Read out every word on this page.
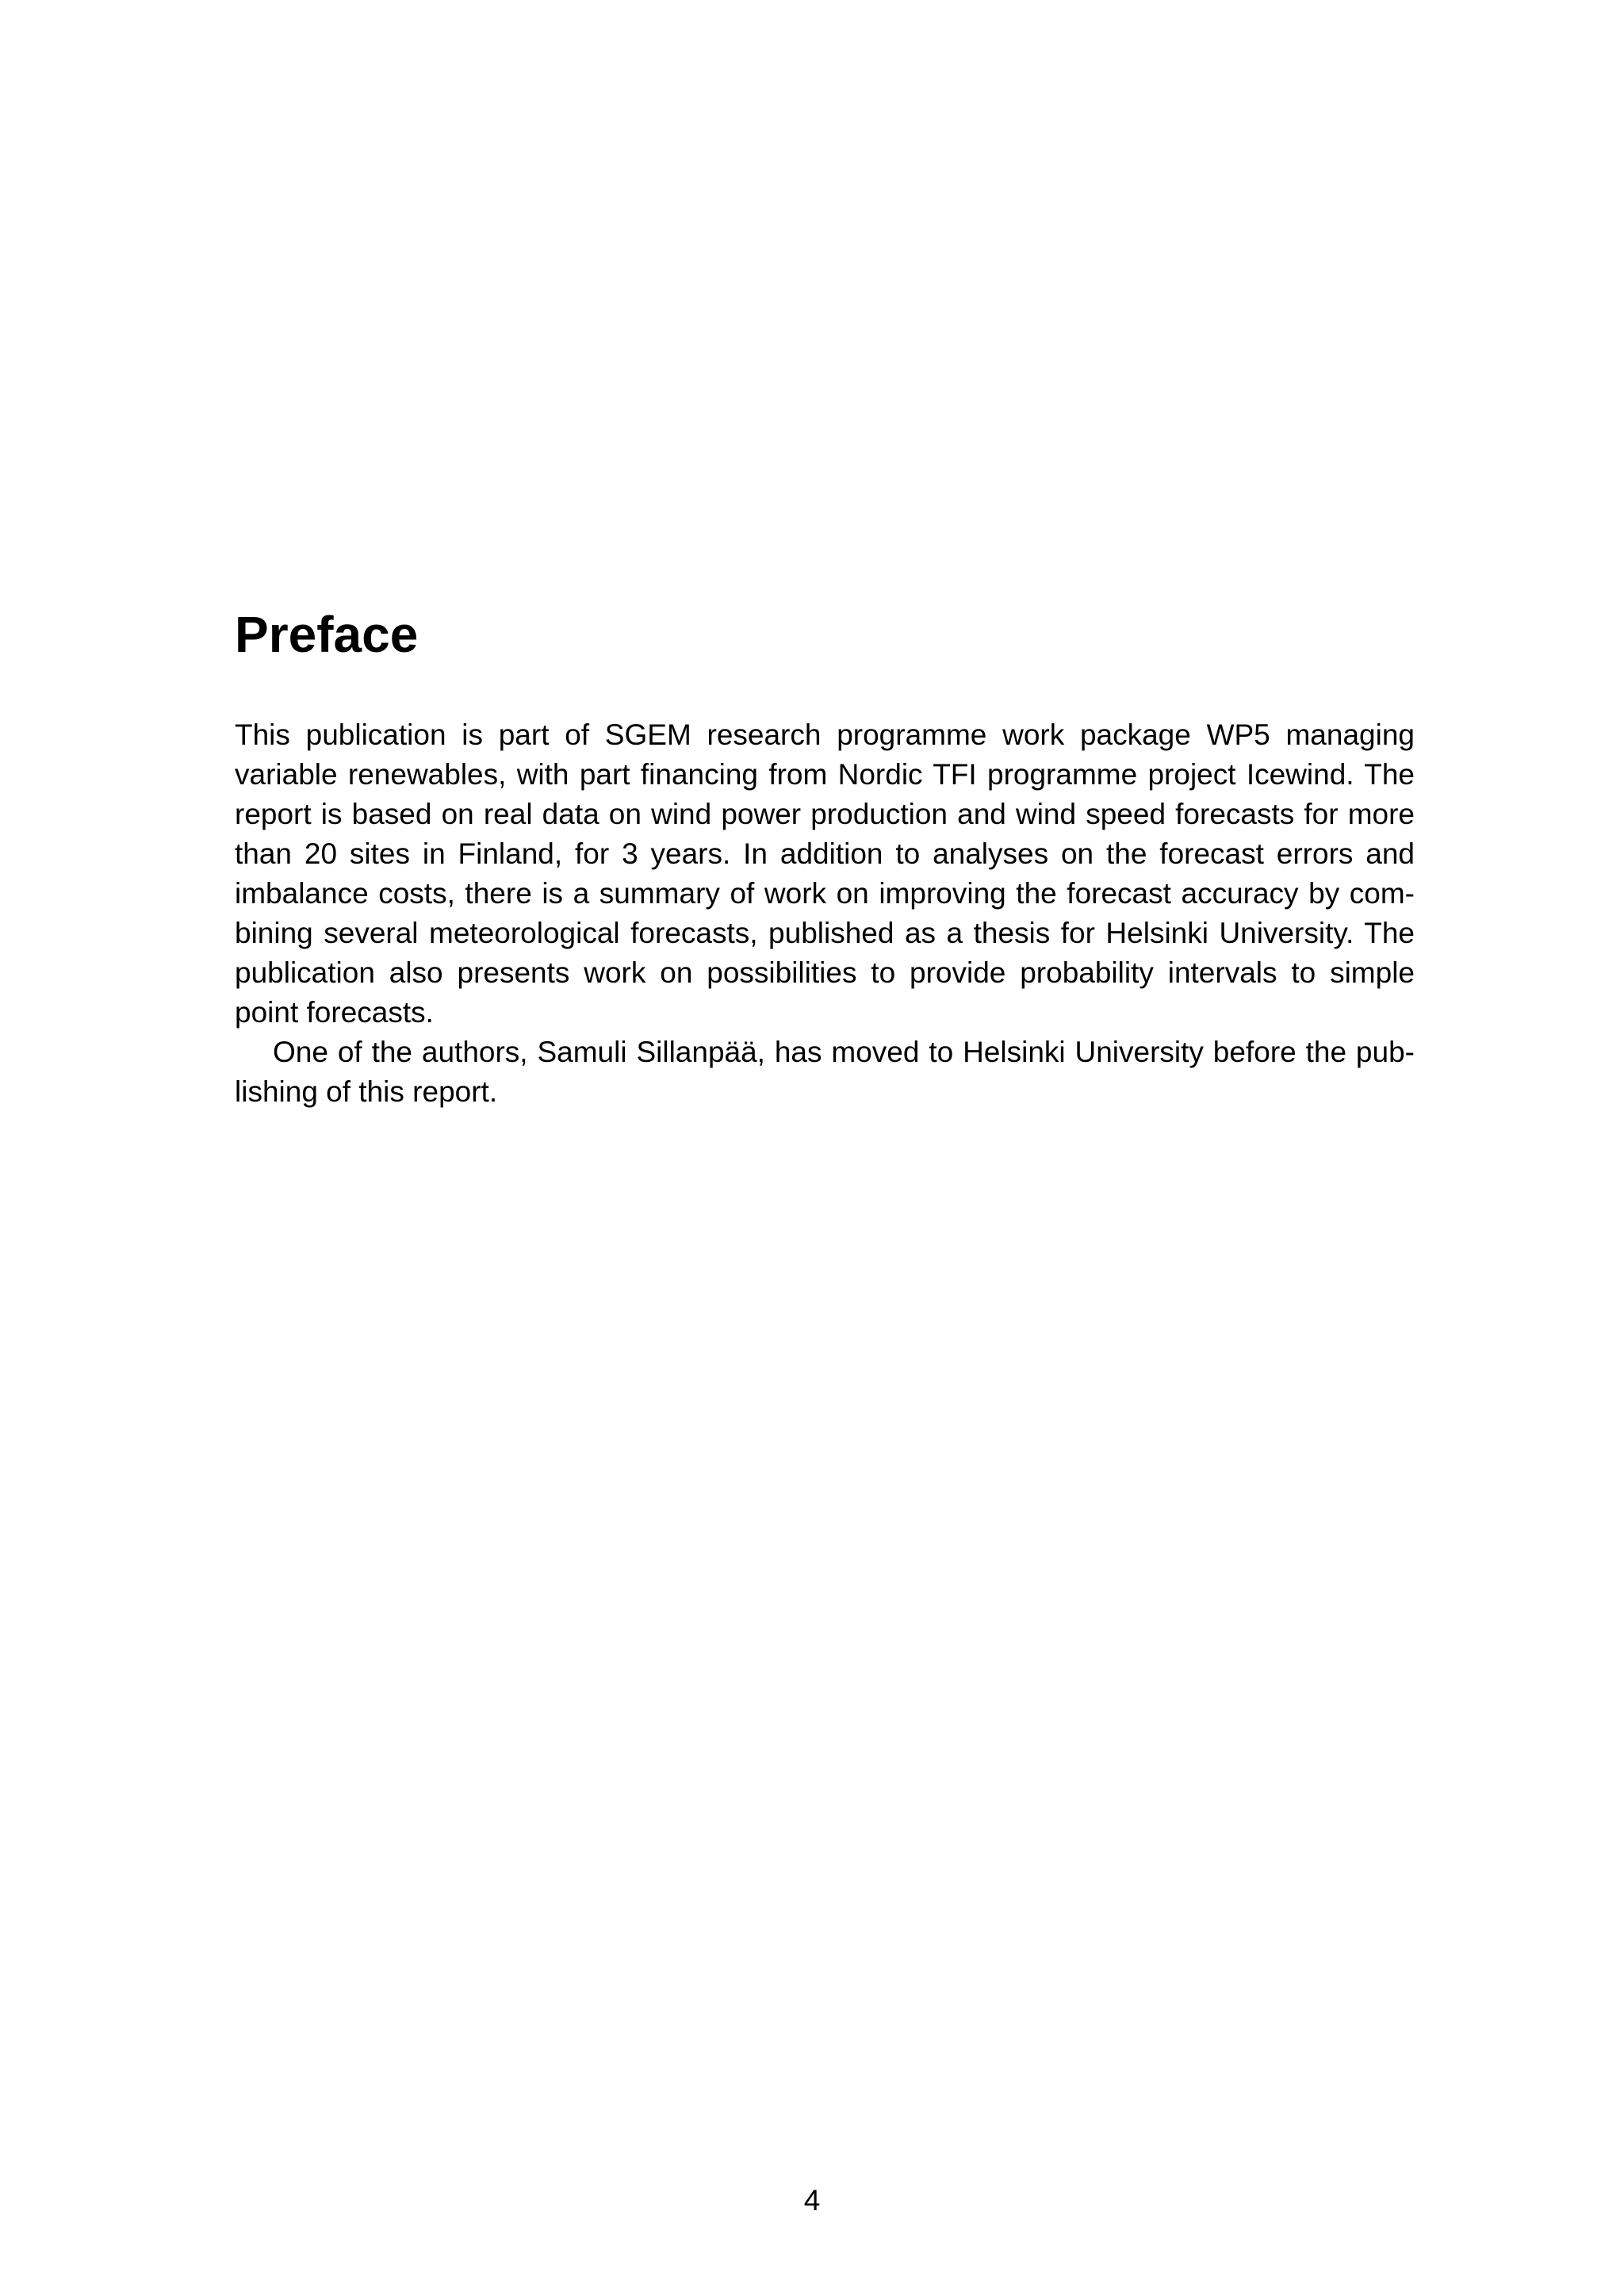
Preface

This publication is part of SGEM research programme work package WP5 managing variable renewables, with part financing from Nordic TFI programme project Icewind. The report is based on real data on wind power production and wind speed forecasts for more than 20 sites in Finland, for 3 years. In addition to analyses on the forecast errors and imbalance costs, there is a summary of work on improving the forecast accuracy by combining several meteorological forecasts, published as a thesis for Helsinki University. The publication also presents work on possibilities to provide probability intervals to simple point forecasts.

One of the authors, Samuli Sillanpää, has moved to Helsinki University before the publishing of this report.

4
